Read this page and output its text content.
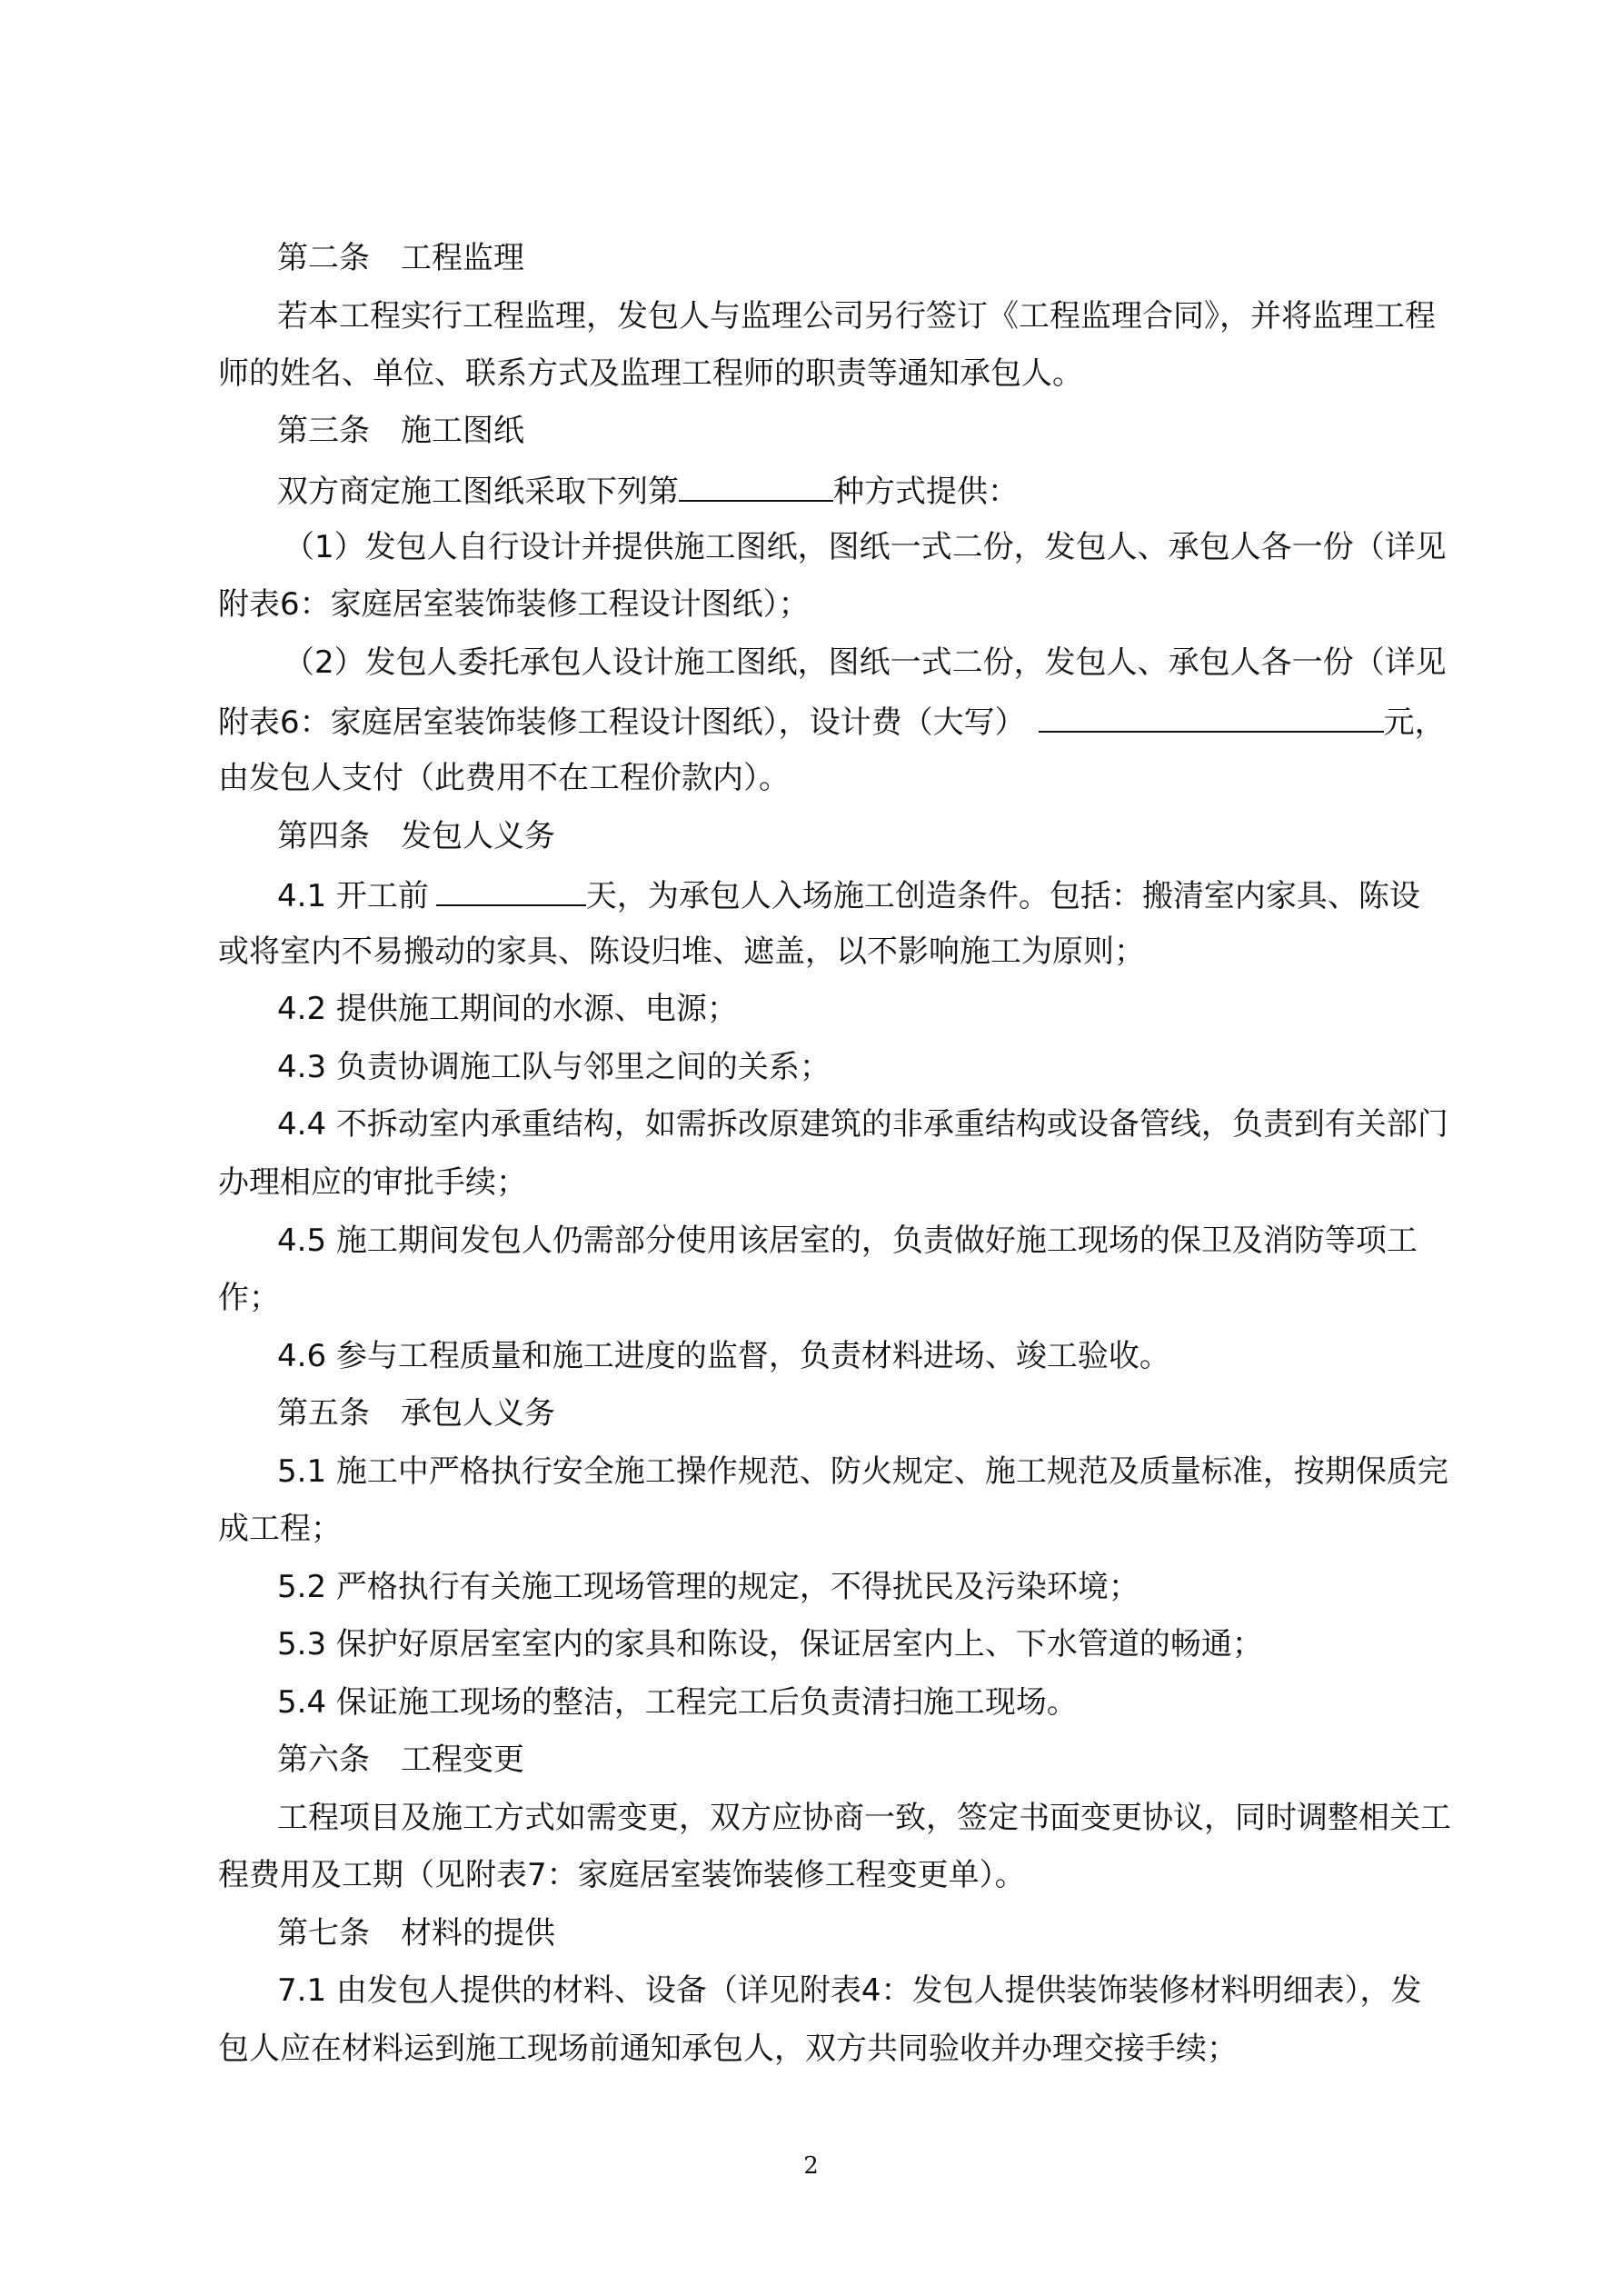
第二条　工程监理
若本工程实行工程监理，发包人与监理公司另行签订《工程监理合同》，并将监理工程
师的姓名、单位、联系方式及监理工程师的职责等通知承包人。
第三条　施工图纸
双方商定施工图纸采取下列第	种方式提供：
（1）发包人自行设计并提供施工图纸，图纸一式二份，发包人、承包人各一份（详见
附表6：家庭居室装饰装修工程设计图纸）；
（2）发包人委托承包人设计施工图纸，图纸一式二份，发包人、承包人各一份（详见
附表6：家庭居室装饰装修工程设计图纸），设计费（大写）	元，
由发包人支付（此费用不在工程价款内）。
第四条　发包人义务
4.1 开工前	天，为承包人入场施工创造条件。包括：搬清室内家具、陈设
或将室内不易搬动的家具、陈设归堆、遮盖，以不影响施工为原则；
4.2 提供施工期间的水源、电源；
4.3 负责协调施工队与邻里之间的关系；
4.4 不拆动室内承重结构，如需拆改原建筑的非承重结构或设备管线，负责到有关部门
办理相应的审批手续；
4.5 施工期间发包人仍需部分使用该居室的，负责做好施工现场的保卫及消防等项工
作；
4.6 参与工程质量和施工进度的监督，负责材料进场、竣工验收。
第五条　承包人义务
5.1 施工中严格执行安全施工操作规范、防火规定、施工规范及质量标准，按期保质完
成工程；
5.2 严格执行有关施工现场管理的规定，不得扰民及污染环境；
5.3 保护好原居室室内的家具和陈设，保证居室内上、下水管道的畅通；
5.4 保证施工现场的整洁，工程完工后负责清扫施工现场。
第六条　工程变更
工程项目及施工方式如需变更，双方应协商一致，签定书面变更协议，同时调整相关工
程费用及工期（见附表7：家庭居室装饰装修工程变更单）。
第七条　材料的提供
7.1 由发包人提供的材料、设备（详见附表4：发包人提供装饰装修材料明细表），发
包人应在材料运到施工现场前通知承包人，双方共同验收并办理交接手续；
2
